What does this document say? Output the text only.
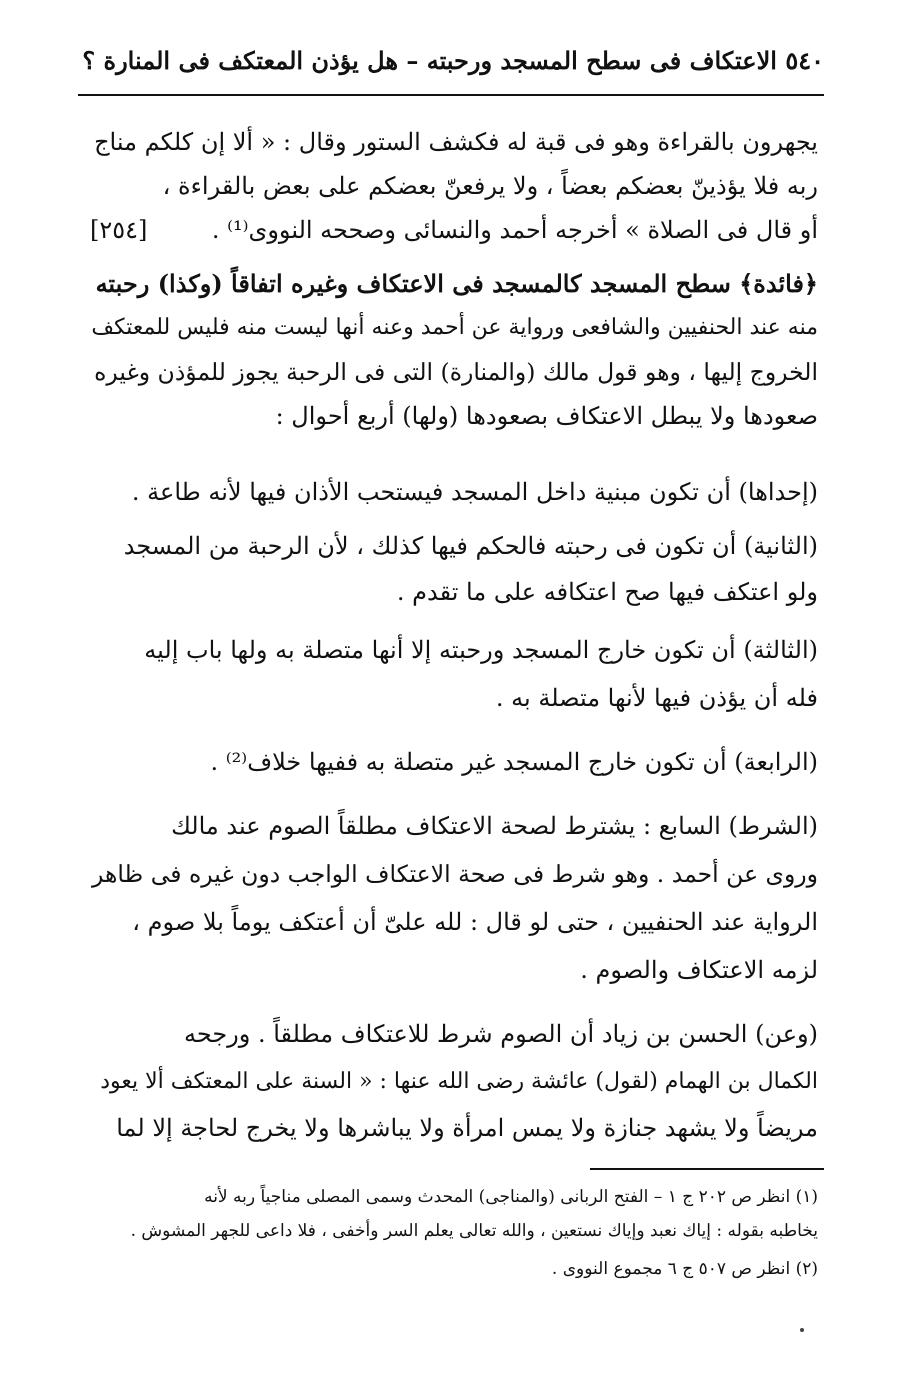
٥٤٠ الاعتكاف فى سطح المسجد ورحبته – هل يؤذن المعتكف فى المنارة ؟
يجهرون بالقراءة وهو فى قبة له فكشف الستور وقال : « ألا إن كلكم مناج
ربه فلا يؤذينّ بعضكم بعضاً ، ولا يرفعنّ بعضكم على بعض بالقراءة ،
أو قال فى الصلاة » أخرجه أحمد والنسائى وصححه النووى⁽¹⁾ .
[٢٥٤]
﴿فائدة﴾ سطح المسجد كالمسجد فى الاعتكاف وغيره اتفاقاً (وكذا) رحبته
منه عند الحنفيين والشافعى ورواية عن أحمد وعنه أنها ليست منه فليس للمعتكف
الخروج إليها ، وهو قول مالك (والمنارة) التى فى الرحبة يجوز للمؤذن وغيره
صعودها ولا يبطل الاعتكاف بصعودها (ولها) أربع أحوال :
(إحداها) أن تكون مبنية داخل المسجد فيستحب الأذان فيها لأنه طاعة .
(الثانية) أن تكون فى رحبته فالحكم فيها كذلك ، لأن الرحبة من المسجد
ولو اعتكف فيها صح اعتكافه على ما تقدم .
(الثالثة) أن تكون خارج المسجد ورحبته إلا أنها متصلة به ولها باب إليه
فله أن يؤذن فيها لأنها متصلة به .
(الرابعة) أن تكون خارج المسجد غير متصلة به ففيها خلاف⁽²⁾ .
(الشرط) السابع : يشترط لصحة الاعتكاف مطلقاً الصوم عند مالك
وروى عن أحمد . وهو شرط فى صحة الاعتكاف الواجب دون غيره فى ظاهر
الرواية عند الحنفيين ، حتى لو قال : لله علىّ أن أعتكف يوماً بلا صوم ،
لزمه الاعتكاف والصوم .
(وعن) الحسن بن زياد أن الصوم شرط للاعتكاف مطلقاً . ورجحه
الكمال بن الهمام (لقول) عائشة رضى الله عنها : « السنة على المعتكف ألا يعود
مريضاً ولا يشهد جنازة ولا يمس امرأة ولا يباشرها ولا يخرج لحاجة إلا لما
(١) انظر ص ٢٠٢ ج ١ – الفتح الربانى (والمناجى) المحدث وسمى المصلى مناجياً ربه لأنه
يخاطبه بقوله : إياك نعبد وإياك نستعين ، والله تعالى يعلم السر وأخفى ، فلا داعى للجهر المشوش .
(٢) انظر ص ٥٠٧ ج ٦ مجموع النووى .
